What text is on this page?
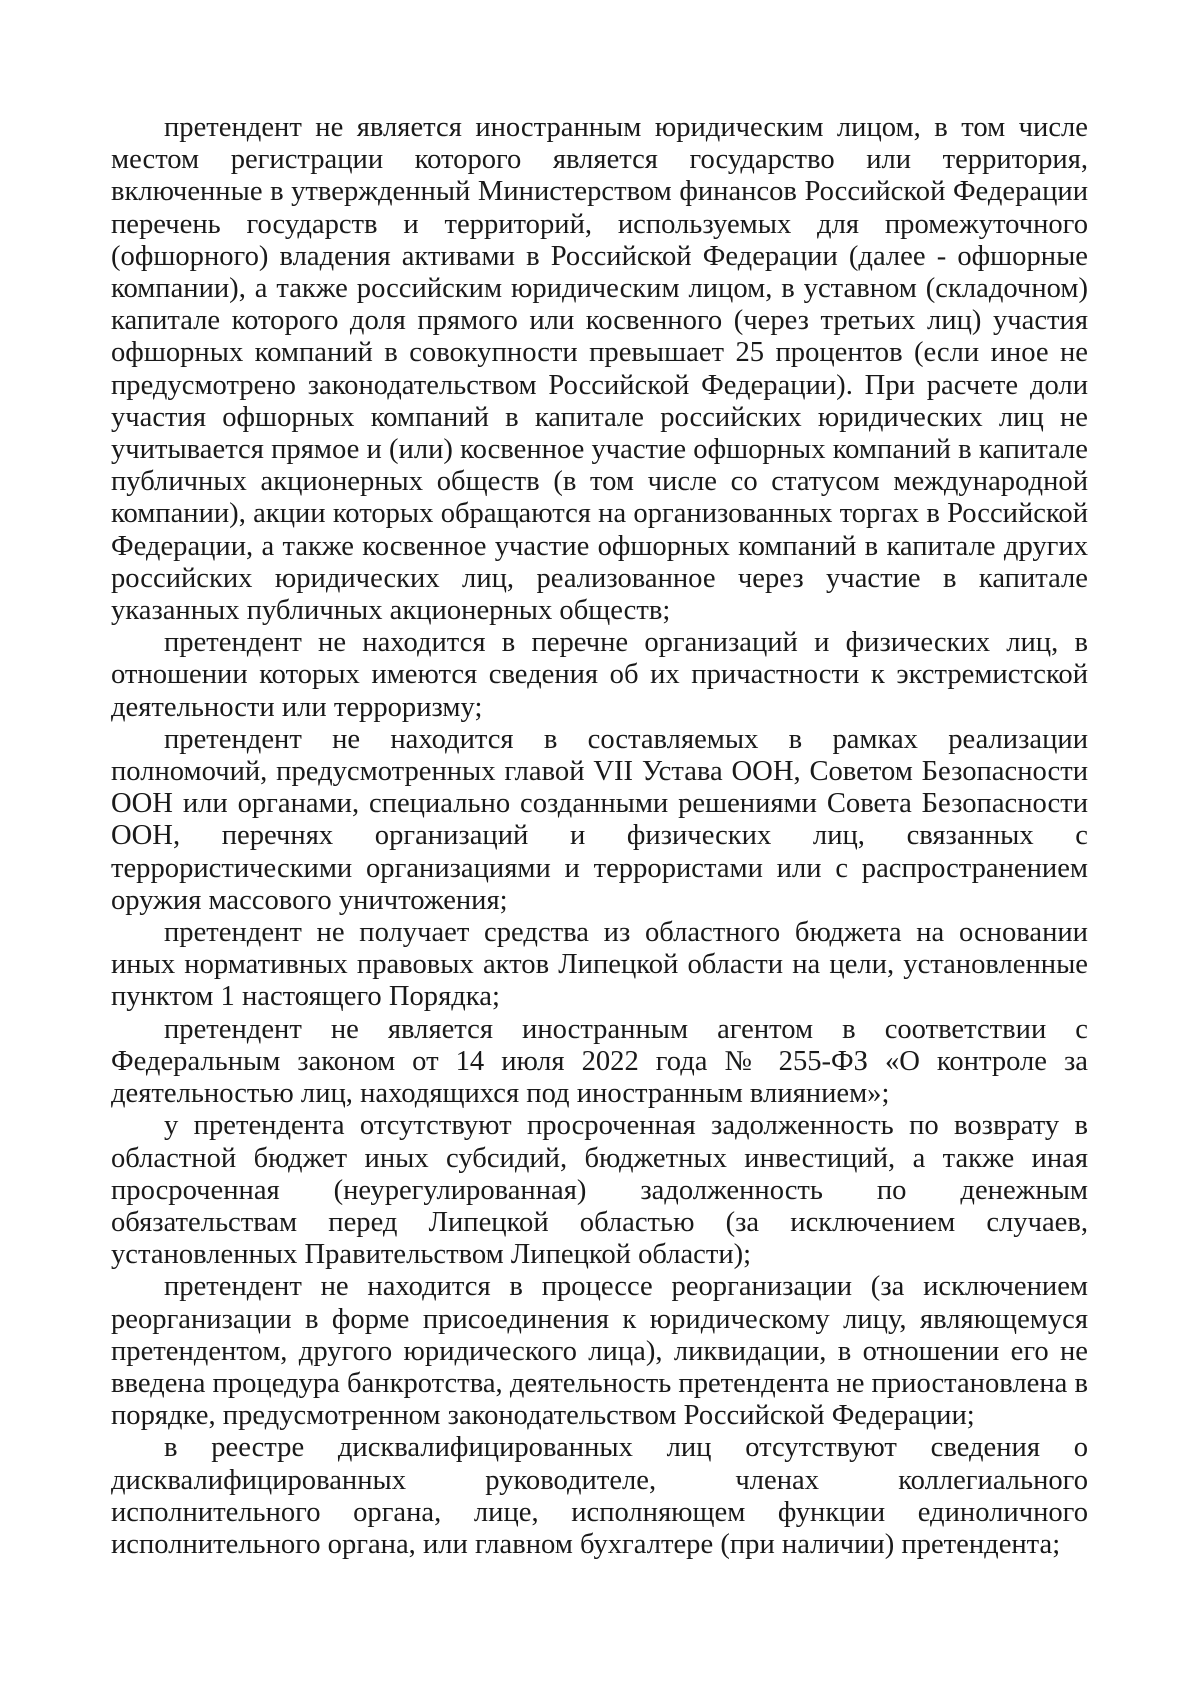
претендент не является иностранным юридическим лицом, в том числе местом регистрации которого является государство или территория, включенные в утвержденный Министерством финансов Российской Федерации перечень государств и территорий, используемых для промежуточного (офшорного) владения активами в Российской Федерации (далее - офшорные компании), а также российским юридическим лицом, в уставном (складочном) капитале которого доля прямого или косвенного (через третьих лиц) участия офшорных компаний в совокупности превышает 25 процентов (если иное не предусмотрено законодательством Российской Федерации). При расчете доли участия офшорных компаний в капитале российских юридических лиц не учитывается прямое и (или) косвенное участие офшорных компаний в капитале публичных акционерных обществ (в том числе со статусом международной компании), акции которых обращаются на организованных торгах в Российской Федерации, а также косвенное участие офшорных компаний в капитале других российских юридических лиц, реализованное через участие в капитале указанных публичных акционерных обществ;

претендент не находится в перечне организаций и физических лиц, в отношении которых имеются сведения об их причастности к экстремистской деятельности или терроризму;

претендент не находится в составляемых в рамках реализации полномочий, предусмотренных главой VII Устава ООН, Советом Безопасности ООН или органами, специально созданными решениями Совета Безопасности ООН, перечнях организаций и физических лиц, связанных с террористическими организациями и террористами или с распространением оружия массового уничтожения;

претендент не получает средства из областного бюджета на основании иных нормативных правовых актов Липецкой области на цели, установленные пунктом 1 настоящего Порядка;

претендент не является иностранным агентом в соответствии с Федеральным законом от 14 июля 2022 года № 255-ФЗ «О контроле за деятельностью лиц, находящихся под иностранным влиянием»;

у претендента отсутствуют просроченная задолженность по возврату в областной бюджет иных субсидий, бюджетных инвестиций, а также иная просроченная (неурегулированная) задолженность по денежным обязательствам перед Липецкой областью (за исключением случаев, установленных Правительством Липецкой области);

претендент не находится в процессе реорганизации (за исключением реорганизации в форме присоединения к юридическому лицу, являющемуся претендентом, другого юридического лица), ликвидации, в отношении его не введена процедура банкротства, деятельность претендента не приостановлена в порядке, предусмотренном законодательством Российской Федерации;

в реестре дисквалифицированных лиц отсутствуют сведения о дисквалифицированных руководителе, членах коллегиального исполнительного органа, лице, исполняющем функции единоличного исполнительного органа, или главном бухгалтере (при наличии) претендента;
